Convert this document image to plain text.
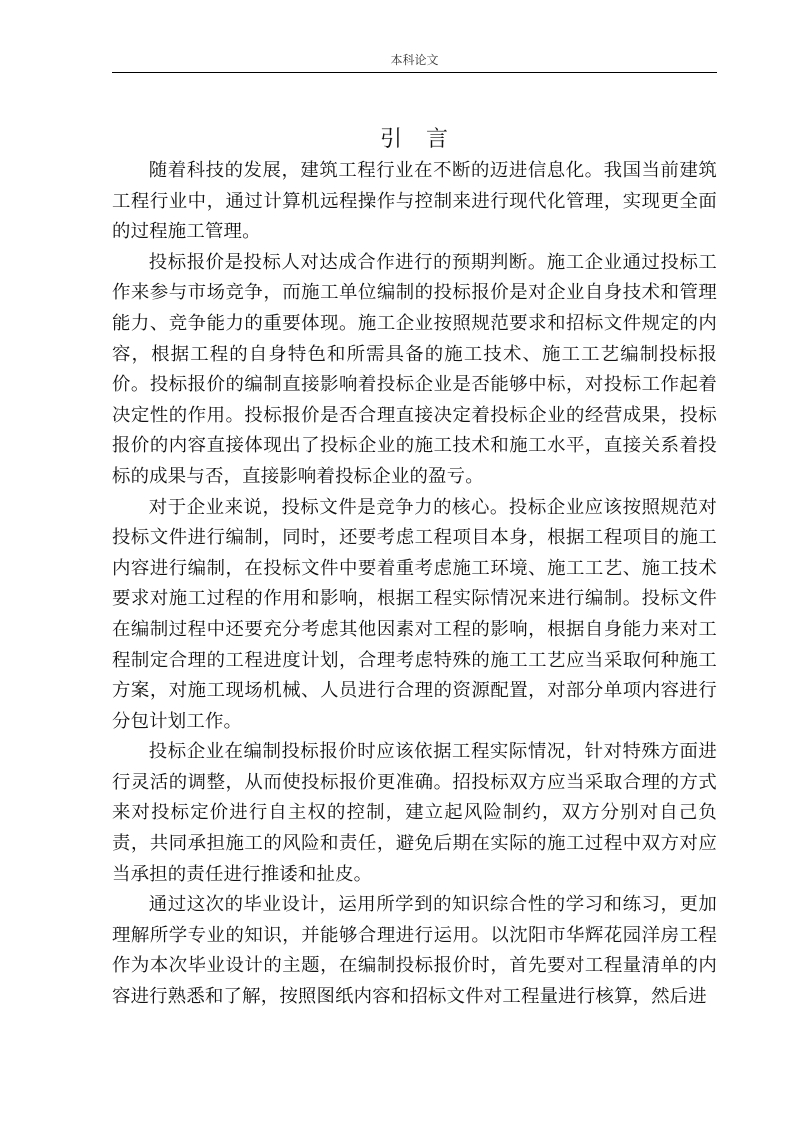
本科论文
引　言

随着科技的发展，建筑工程行业在不断的迈进信息化。我国当前建筑工程行业中，通过计算机远程操作与控制来进行现代化管理，实现更全面的过程施工管理。

投标报价是投标人对达成合作进行的预期判断。施工企业通过投标工作来参与市场竞争，而施工单位编制的投标报价是对企业自身技术和管理能力、竞争能力的重要体现。施工企业按照规范要求和招标文件规定的内容，根据工程的自身特色和所需具备的施工技术、施工工艺编制投标报价。投标报价的编制直接影响着投标企业是否能够中标，对投标工作起着决定性的作用。投标报价是否合理直接决定着投标企业的经营成果，投标报价的内容直接体现出了投标企业的施工技术和施工水平，直接关系着投标的成果与否，直接影响着投标企业的盈亏。

对于企业来说，投标文件是竞争力的核心。投标企业应该按照规范对投标文件进行编制，同时，还要考虑工程项目本身，根据工程项目的施工内容进行编制，在投标文件中要着重考虑施工环境、施工工艺、施工技术要求对施工过程的作用和影响，根据工程实际情况来进行编制。投标文件在编制过程中还要充分考虑其他因素对工程的影响，根据自身能力来对工程制定合理的工程进度计划，合理考虑特殊的施工工艺应当采取何种施工方案，对施工现场机械、人员进行合理的资源配置，对部分单项内容进行分包计划工作。

投标企业在编制投标报价时应该依据工程实际情况，针对特殊方面进行灵活的调整，从而使投标报价更准确。招投标双方应当采取合理的方式来对投标定价进行自主权的控制，建立起风险制约，双方分别对自己负责，共同承担施工的风险和责任，避免后期在实际的施工过程中双方对应当承担的责任进行推诿和扯皮。

通过这次的毕业设计，运用所学到的知识综合性的学习和练习，更加理解所学专业的知识，并能够合理进行运用。以沈阳市华辉花园洋房工程作为本次毕业设计的主题，在编制投标报价时，首先要对工程量清单的内容进行熟悉和了解，按照图纸内容和招标文件对工程量进行核算，然后进
